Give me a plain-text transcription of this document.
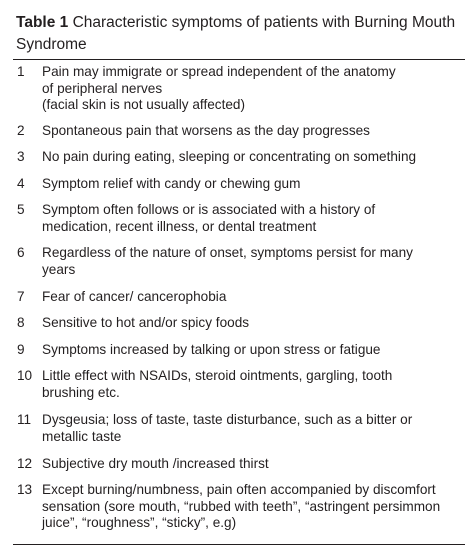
Table 1 Characteristic symptoms of patients with Burning Mouth Syndrome
1	Pain may immigrate or spread independent of the anatomy
of peripheral nerves
(facial skin is not usually affected)
2	Spontaneous pain that worsens as the day progresses
3	No pain during eating, sleeping or concentrating on something
4	Symptom relief with candy or chewing gum
5	Symptom often follows or is associated with a history of
medication, recent illness, or dental treatment
6	Regardless of the nature of onset, symptoms persist for many
years
7	Fear of cancer/ cancerophobia
8	Sensitive to hot and/or spicy foods
9	Symptoms increased by talking or upon stress or fatigue
10 Little effect with NSAIDs, steroid ointments, gargling, tooth
brushing etc.
11 Dysgeusia; loss of taste, taste disturbance, such as a bitter or
metallic taste
12 Subjective dry mouth /increased thirst
13 Except burning/numbness, pain often accompanied by discomfort
sensation (sore mouth, “rubbed with teeth”, “astringent persimmon
juice”, “roughness”, “sticky”, e.g)
